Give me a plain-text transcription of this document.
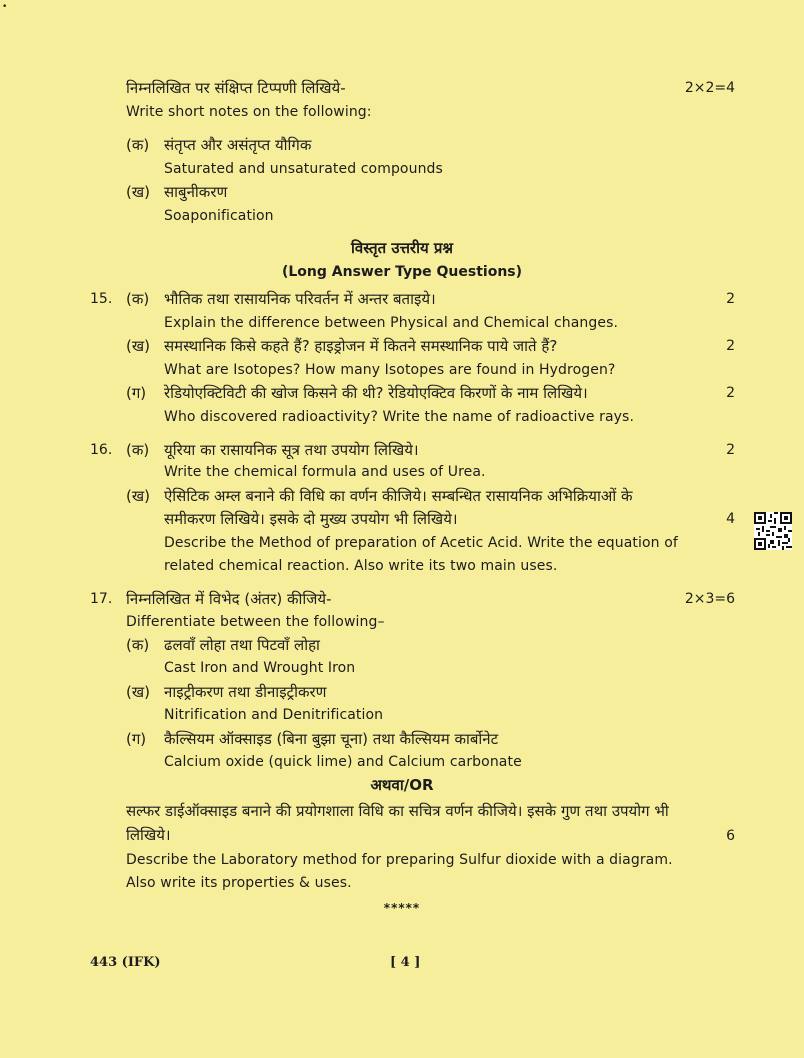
•
निम्नलिखित पर संक्षिप्त टिप्पणी लिखिये-	2×2=4
Write short notes on the following:
(क) संतृप्त और असंतृप्त यौगिक
Saturated and unsaturated compounds
(ख) साबुनीकरण
Soaponification
विस्तृत उत्तरीय प्रश्न
(Long Answer Type Questions)
15. (क) भौतिक तथा रासायनिक परिवर्तन में अन्तर बताइये।	2
Explain the difference between Physical and Chemical changes.
(ख) समस्थानिक किसे कहते हैं? हाइड्रोजन में कितने समस्थानिक पाये जाते हैं?	2
What are Isotopes? How many Isotopes are found in Hydrogen?
(ग) रेडियोएक्टिविटी की खोज किसने की थी? रेडियोएक्टिव किरणों के नाम लिखिये।	2
Who discovered radioactivity? Write the name of radioactive rays.
16. (क) यूरिया का रासायनिक सूत्र तथा उपयोग लिखिये।	2
Write the chemical formula and uses of Urea.
(ख) ऐसिटिक अम्ल बनाने की विधि का वर्णन कीजिये। सम्बन्धित रासायनिक अभिक्रियाओं के
समीकरण लिखिये। इसके दो मुख्य उपयोग भी लिखिये।	4
Describe the Method of preparation of Acetic Acid. Write the equation of
related chemical reaction. Also write its two main uses.
17. निम्नलिखित में विभेद (अंतर) कीजिये-	2×3=6
Differentiate between the following–
(क) ढलवाँ लोहा तथा पिटवाँ लोहा
Cast Iron and Wrought Iron
(ख) नाइट्रीकरण तथा डीनाइट्रीकरण
Nitrification and Denitrification
(ग) कैल्सियम ऑक्साइड (बिना बुझा चूना) तथा कैल्सियम कार्बोनेट
Calcium oxide (quick lime) and Calcium carbonate
अथवा/OR
सल्फर डाईऑक्साइड बनाने की प्रयोगशाला विधि का सचित्र वर्णन कीजिये। इसके गुण तथा उपयोग भी
लिखिये।	6
Describe the Laboratory method for preparing Sulfur dioxide with a diagram.
Also write its properties & uses.
*****
443 (IFK)	[ 4 ]
